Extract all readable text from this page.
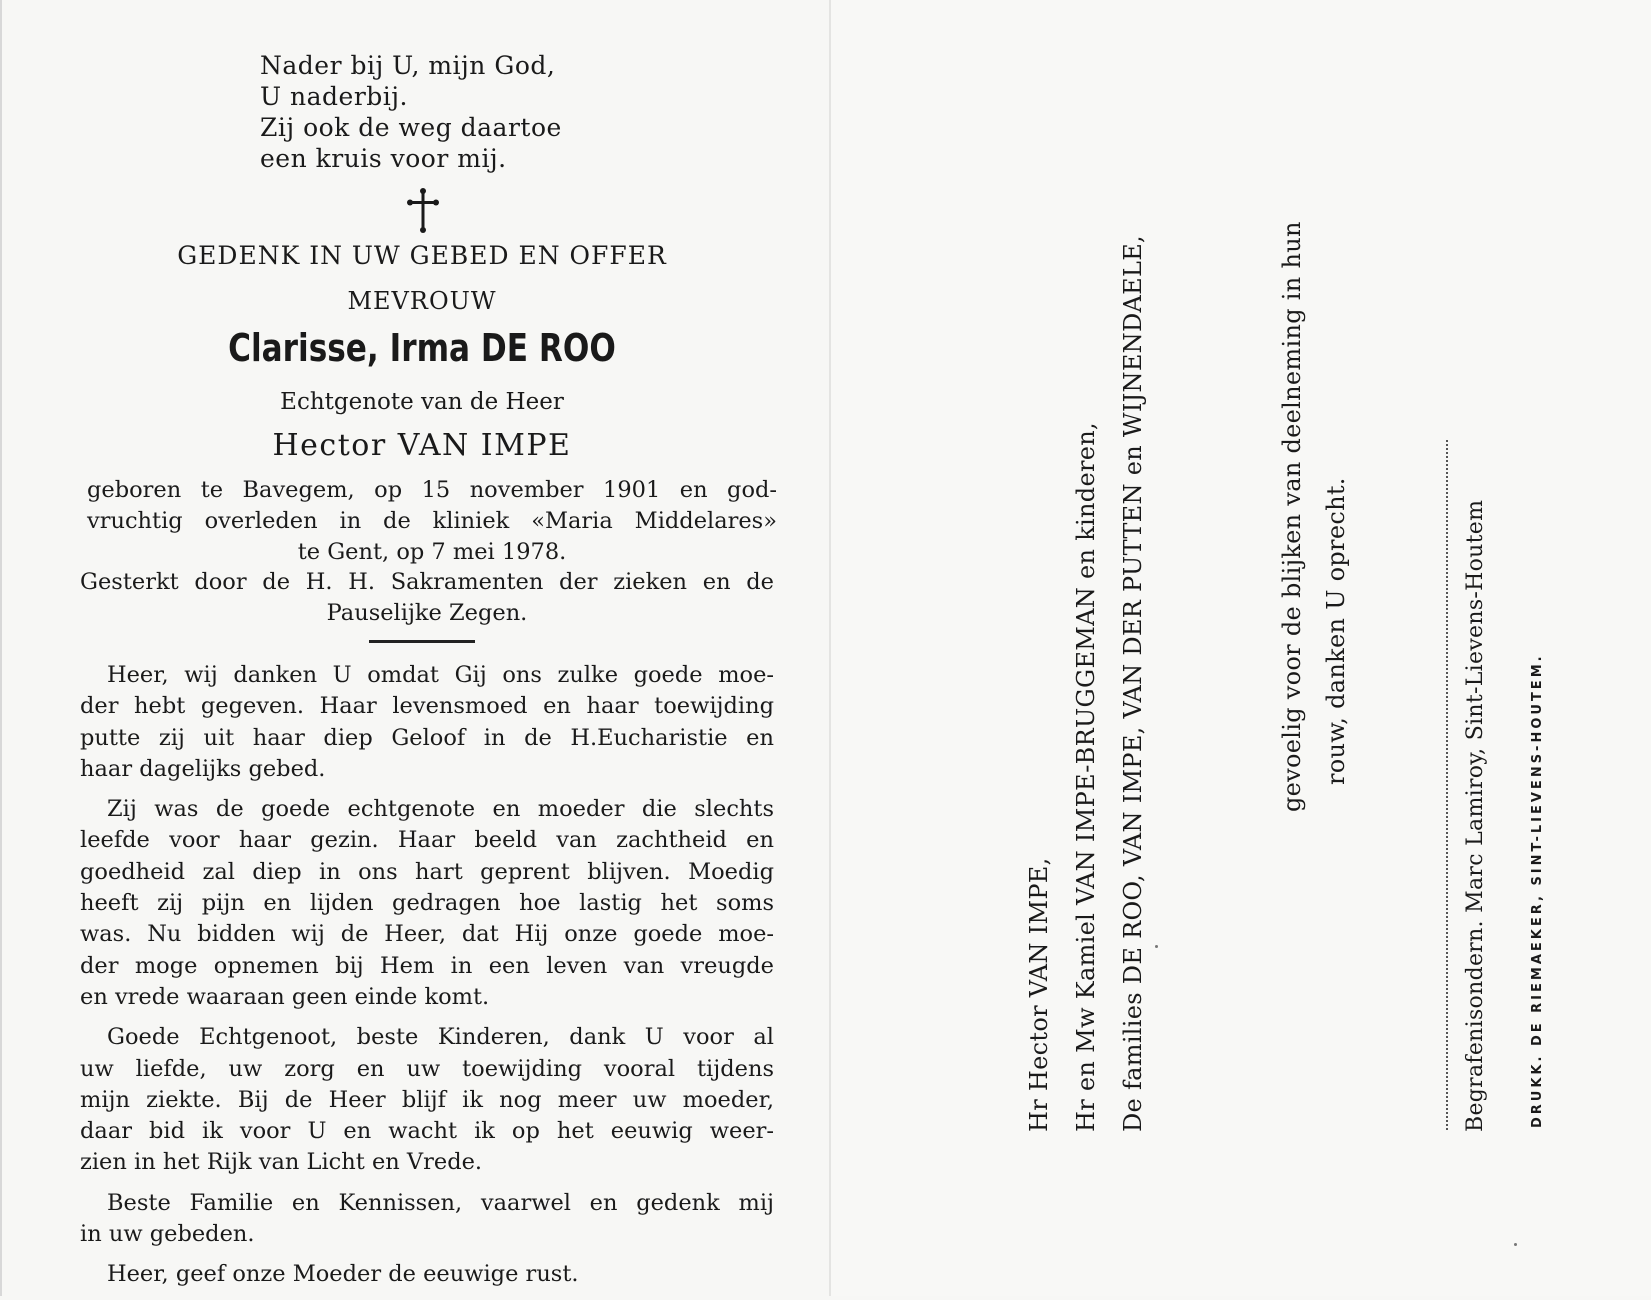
Nader bij U, mijn God,
U naderbij.
Zij ook de weg daartoe
een kruis voor mij.
GEDENK IN UW GEBED EN OFFER
MEVROUW
Clarisse, Irma DE ROO
Echtgenote van de Heer
Hector VAN IMPE
geboren te Bavegem, op 15 november 1901 en god-
vruchtig overleden in de kliniek «Maria Middelares»
te Gent, op 7 mei 1978.
Gesterkt door de H. H. Sakramenten der zieken en de
Pauselijke Zegen.
Heer, wij danken U omdat Gij ons zulke goede moe-
der hebt gegeven. Haar levensmoed en haar toewijding
putte zij uit haar diep Geloof in de H.Eucharistie en
haar dagelijks gebed.
Zij was de goede echtgenote en moeder die slechts
leefde voor haar gezin. Haar beeld van zachtheid en
goedheid zal diep in ons hart geprent blijven. Moedig
heeft zij pijn en lijden gedragen hoe lastig het soms
was. Nu bidden wij de Heer, dat Hij onze goede moe-
der moge opnemen bij Hem in een leven van vreugde
en vrede waaraan geen einde komt.
Goede Echtgenoot, beste Kinderen, dank U voor al
uw liefde, uw zorg en uw toewijding vooral tijdens
mijn ziekte. Bij de Heer blijf ik nog meer uw moeder,
daar bid ik voor U en wacht ik op het eeuwig weer-
zien in het Rijk van Licht en Vrede.
Beste Familie en Kennissen, vaarwel en gedenk mij
in uw gebeden.
Heer, geef onze Moeder de eeuwige rust.
Hr Hector VAN IMPE, Hr en Mw Kamiel VAN IMPE-BRUGGEMAN en kinderen, De families DE ROO, VAN IMPE, VAN DER PUTTEN en WIJNENDAELE,	gevoelig voor de blijken van deelneming in hun rouw, danken U oprecht.	Begrafenisondern. Marc Lamiroy, Sint-Lievens-Houtem	DRUKK. DE RIEMAEKER, SINT-LIEVENS-HOUTEM.
